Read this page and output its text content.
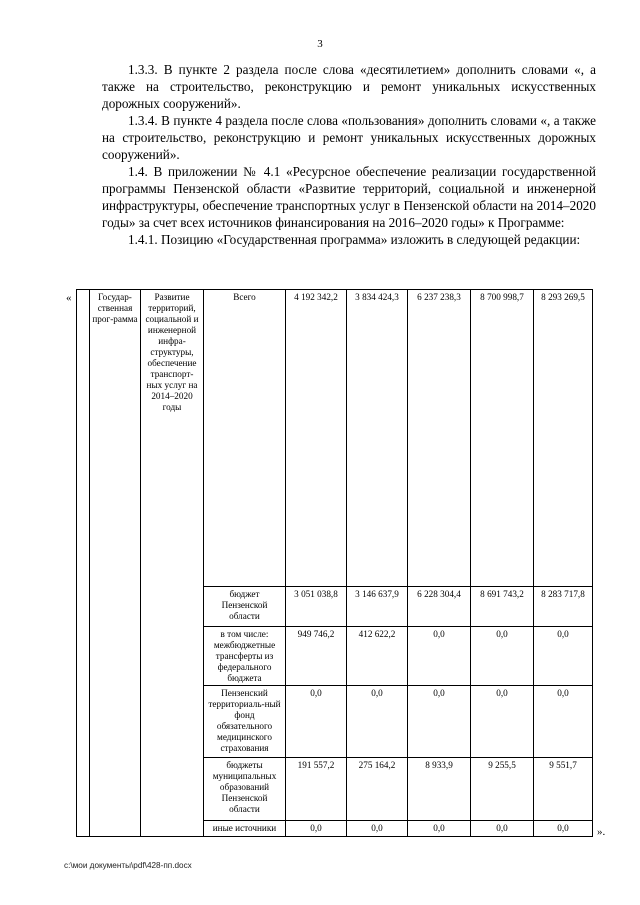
3

1.3.3. В пункте 2 раздела после слова «десятилетием» дополнить словами «, а также на строительство, реконструкцию и ремонт уникальных искусственных дорожных сооружений».

1.3.4. В пункте 4 раздела после слова «пользования» дополнить словами «, а также на строительство, реконструкцию и ремонт уникальных искусственных дорожных сооружений».

1.4. В приложении № 4.1 «Ресурсное обеспечение реализации государственной программы Пензенской области «Развитие территорий, социальной и инженерной инфраструктуры, обеспечение транспортных услуг в Пензенской области на 2014–2020 годы» за счет всех источников финансирования на 2016–2020 годы» к Программе:

1.4.1. Позицию «Государственная программа» изложить в следующей редакции:

«
		Государ-ственная прог-рамма	Развитие территорий, социальной и инженерной инфра-структуры, обеспечение транспорт-ных услуг на 2014–2020 годы	Всего	4 192 342,2	3 834 424,3	6 237 238,3	8 700 998,7	8 293 269,5
			бюджет Пензенской области	3 051 038,8	3 146 637,9	6 228 304,4	8 691 743,2	8 283 717,8
			в том числе: межбюджетные трансферты из федерального бюджета	949 746,2	412 622,2	0,0	0,0	0,0
			Пензенский территориаль-ный фонд обязательного медицинского страхования	0,0	0,0	0,0	0,0	0,0
			бюджеты муниципальных образований Пензенской области	191 557,2	275 164,2	8 933,9	9 255,5	9 551,7
			иные источники	0,0	0,0	0,0	0,0	0,0	».
c:\мои документы\pdf\428-пп.docx
